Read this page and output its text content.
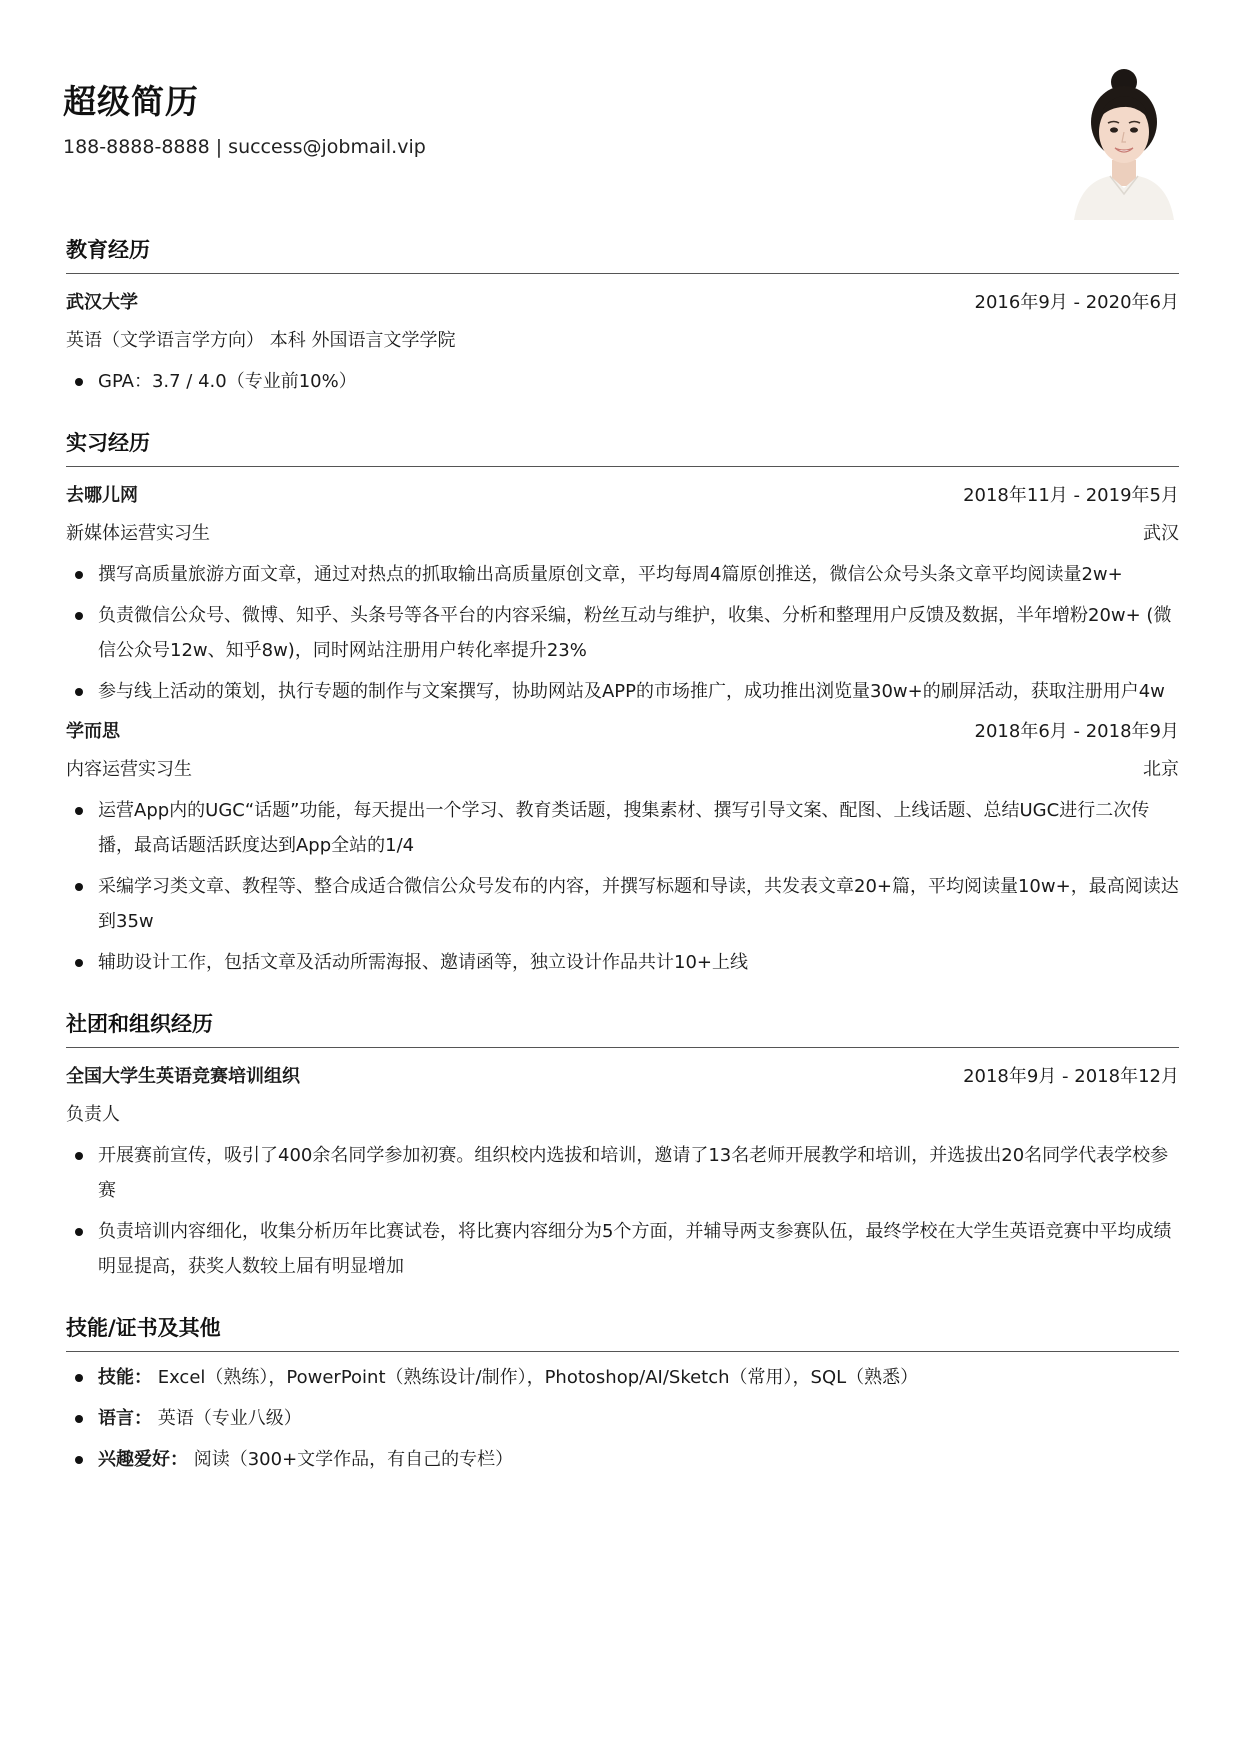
超级简历
188-8888-8888 | success@jobmail.vip
教育经历
武汉大学	2016年9月 - 2020年6月
英语（文学语言学方向） 本科 外国语言文学学院
GPA：3.7 / 4.0（专业前10%）
实习经历
去哪儿网	2018年11月 - 2019年5月
新媒体运营实习生	武汉
撰写高质量旅游方面文章，通过对热点的抓取输出高质量原创文章，平均每周4篇原创推送，微信公众号头条文章平均阅读量2w+
负责微信公众号、微博、知乎、头条号等各平台的内容采编，粉丝互动与维护，收集、分析和整理用户反馈及数据，半年增粉20w+ (微信公众号12w、知乎8w)，同时网站注册用户转化率提升23%
参与线上活动的策划，执行专题的制作与文案撰写，协助网站及APP的市场推广，成功推出浏览量30w+的刷屏活动，获取注册用户4w
学而思	2018年6月 - 2018年9月
内容运营实习生	北京
运营App内的UGC“话题”功能，每天提出一个学习、教育类话题，搜集素材、撰写引导文案、配图、上线话题、总结UGC进行二次传播，最高话题活跃度达到App全站的1/4
采编学习类文章、教程等、整合成适合微信公众号发布的内容，并撰写标题和导读，共发表文章20+篇，平均阅读量10w+，最高阅读达到35w
辅助设计工作，包括文章及活动所需海报、邀请函等，独立设计作品共计10+上线
社团和组织经历
全国大学生英语竞赛培训组织	2018年9月 - 2018年12月
负责人
开展赛前宣传，吸引了400余名同学参加初赛。组织校内选拔和培训，邀请了13名老师开展教学和培训，并选拔出20名同学代表学校参赛
负责培训内容细化，收集分析历年比赛试卷，将比赛内容细分为5个方面，并辅导两支参赛队伍，最终学校在大学生英语竞赛中平均成绩明显提高，获奖人数较上届有明显增加
技能/证书及其他
技能： Excel（熟练），PowerPoint（熟练设计/制作），Photoshop/AI/Sketch（常用），SQL（熟悉）
语言： 英语（专业八级）
兴趣爱好： 阅读（300+文学作品，有自己的专栏）
